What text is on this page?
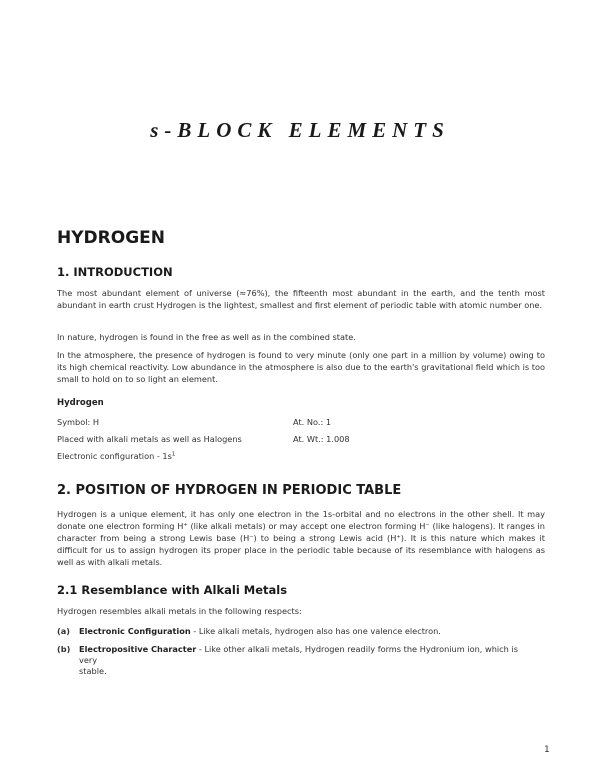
s-BLOCK ELEMENTS
HYDROGEN
1. INTRODUCTION

The most abundant element of universe (≈76%), the fifteenth most abundant in the earth, and the tenth most abundant in earth crust Hydrogen is the lightest, smallest and first element of periodic table with atomic number one.

In nature, hydrogen is found in the free as well as in the combined state.

In the atmosphere, the presence of hydrogen is found to very minute (only one part in a million by volume) owing to its high chemical reactivity. Low abundance in the atmosphere is also due to the earth's gravitational field which is too small to hold on to so light an element.

Hydrogen

Symbol: H	At. No.: 1

Placed with alkali metals as well as Halogens	At. Wt.: 1.008

Electronic configuration - $1s^1$

2. POSITION OF HYDROGEN IN PERIODIC TABLE

Hydrogen is a unique element, it has only one electron in the 1s-orbital and no electrons in the other shell. It may donate one electron forming H⁺ (like alkali metals) or may accept one electron forming H⁻ (like halogens). It ranges in character from being a strong Lewis base (H⁻) to being a strong Lewis acid (H⁺). It is this nature which makes it difficult for us to assign hydrogen its proper place in the periodic table because of its resemblance with halogens as well as with alkali metals.

2.1 Resemblance with Alkali Metals

Hydrogen resembles alkali metals in the following respects:

(a) Electronic Configuration - Like alkali metals, hydrogen also has one valence electron.
(b) Electropositive Character - Like other alkali metals, Hydrogen readily forms the Hydronium ion, which is very
stable.

1
